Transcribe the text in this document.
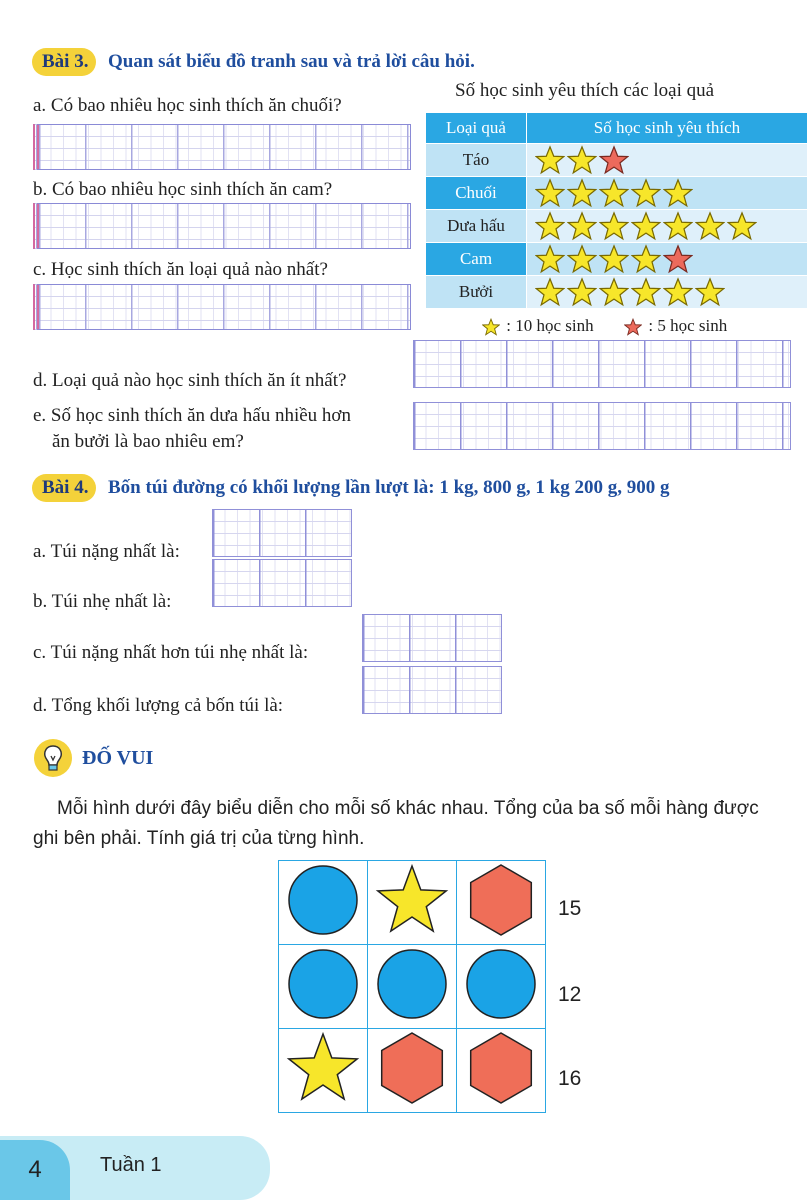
Bài 3.	Quan sát biểu đồ tranh sau và trả lời câu hỏi.
a. Có bao nhiêu học sinh thích ăn chuối?
b. Có bao nhiêu học sinh thích ăn cam?
c. Học sinh thích ăn loại quả nào nhất?
Số học sinh yêu thích các loại quả
Loại quả	Số học sinh yêu thích
Táo	
Chuối	
Dưa hấu	
Cam	
Bưởi	
: 10 học sinh	: 5 học sinh
d. Loại quả nào học sinh thích ăn ít nhất?
e. Số học sinh thích ăn dưa hấu nhiều hơn
ăn bưởi là bao nhiêu em?
Bài 4.	Bốn túi đường có khối lượng lần lượt là: 1 kg, 800 g, 1 kg 200 g, 900 g
a. Túi nặng nhất là:
b. Túi nhẹ nhất là:
c. Túi nặng nhất hơn túi nhẹ nhất là:
d. Tổng khối lượng cả bốn túi là:
ĐỐ VUI
Mỗi hình dưới đây biểu diễn cho mỗi số khác nhau. Tổng của ba số mỗi hàng được
ghi bên phải. Tính giá trị của từng hình.

15
12
16
4	Tuần 1
